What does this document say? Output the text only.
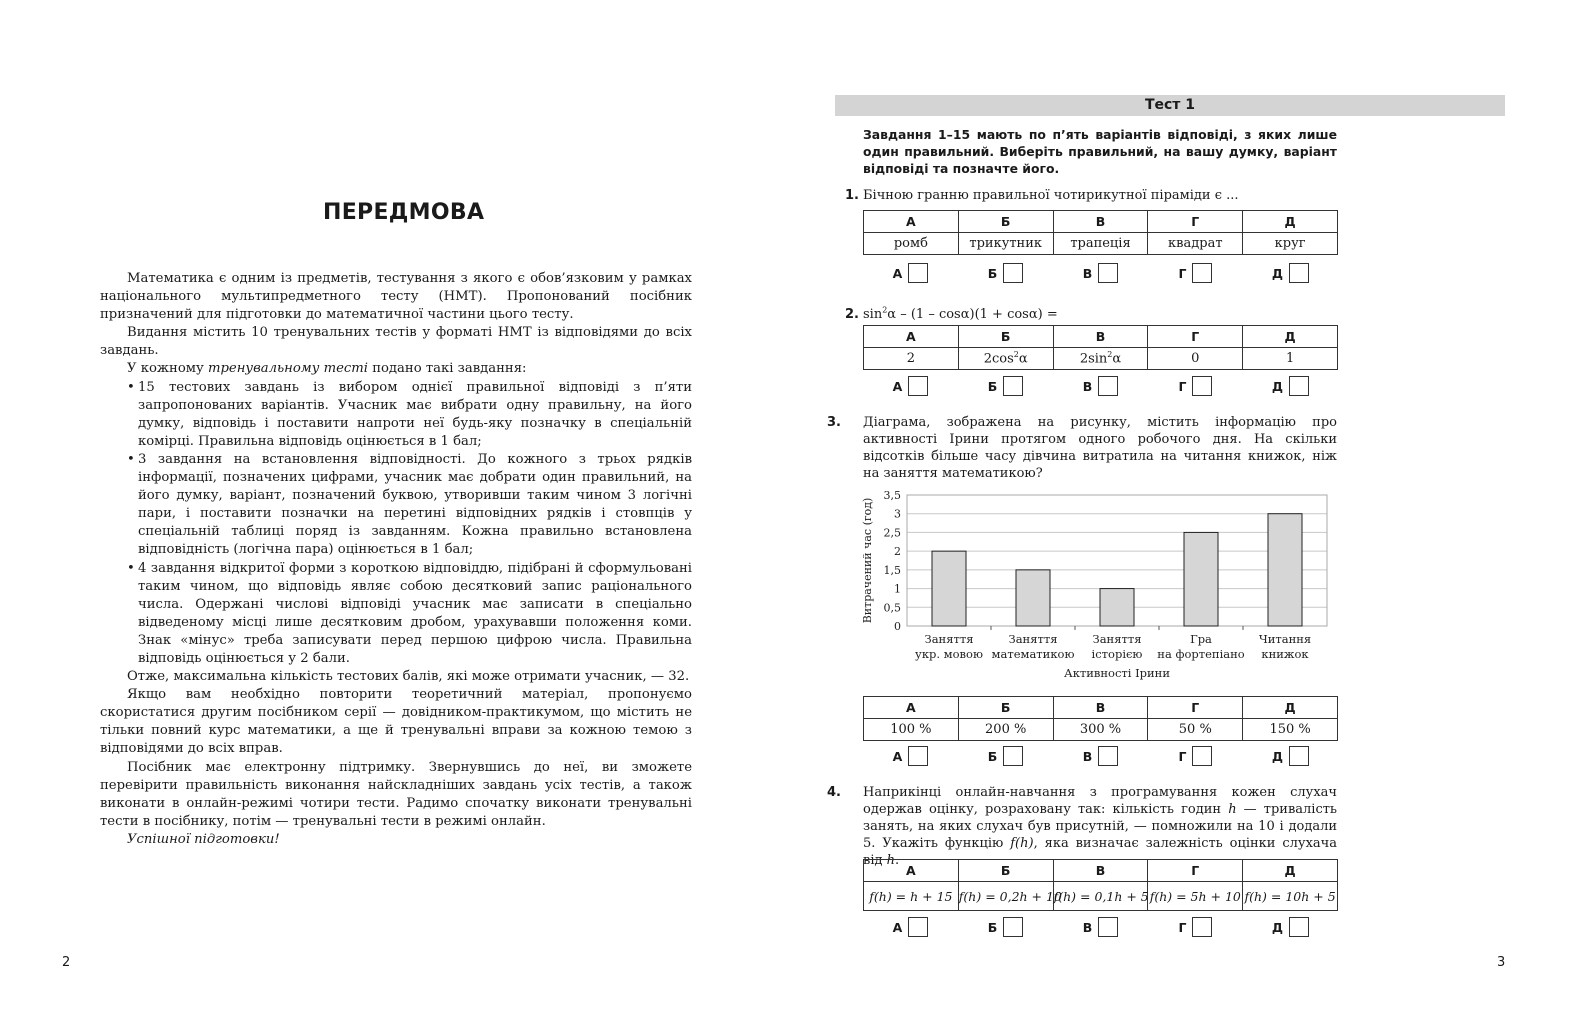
ПЕРЕДМОВА

Математика є одним із предметів, тестування з якого є обов’язковим у рамках національного мультипредметного тесту (НМТ). Пропонований посібник призначений для підготовки до математичної частини цього тесту.

Видання містить 10 тренувальних тестів у форматі НМТ із відповідями до всіх завдань.

У кожному тренувальному тесті подано такі завдання:

• 15 тестових завдань із вибором однієї правильної відповіді з п’яти запропонованих варіантів. Учасник має вибрати одну правильну, на його думку, відповідь і поставити напроти неї будь-яку позначку в спеціальній комірці. Правильна відповідь оцінюється в 1 бал;
• 3 завдання на встановлення відповідності. До кожного з трьох рядків інформації, позначених цифрами, учасник має добрати один правильний, на його думку, варіант, позначений буквою, утворивши таким чином 3 логічні пари, і поставити позначки на перетині відповідних рядків і стовпців у спеціальній таблиці поряд із завданням. Кожна правильно встановлена відповідність (логічна пара) оцінюється в 1 бал;
• 4 завдання відкритої форми з короткою відповіддю, підібрані й сформульовані таким чином, що відповідь являє собою десятковий запис раціонального числа. Одержані числові відповіді учасник має записати в спеціально відведеному місці лише десятковим дробом, урахувавши положення коми. Знак «мінус» треба записувати перед першою цифрою числа. Правильна відповідь оцінюється у 2 бали.

Отже, максимальна кількість тестових балів, які може отримати учасник, — 32.

Якщо вам необхідно повторити теоретичний матеріал, пропонуємо скористатися другим посібником серії — довідником-практикумом, що містить не тільки повний курс математики, а ще й тренувальні вправи за кожною темою з відповідями до всіх вправ.

Посібник має електронну підтримку. Звернувшись до неї, ви зможете перевірити правильність виконання найскладніших завдань усіх тестів, а також виконати в онлайн-режимі чотири тести. Радимо спочатку виконати тренувальні тести в посібнику, потім — тренувальні тести в режимі онлайн.

Успішної підготовки!

2
Тест 1
Завдання 1–15 мають по п’ять варіантів відповіді, з яких лише один правильний. Виберіть правильний, на вашу думку, варіант відповіді та позначте його.
1. Бічною гранню правильної чотирикутної піраміди є ...
А	Б	В	Г	Д
ромб	трикутник	трапеція	квадрат	круг
А	Б	В	Г	Д
2. $\sin^2\alpha - (1 - \cos\alpha)(1 + \cos\alpha)$ =
А	Б	В	Г	Д
2	$2\cos^2\alpha$	$2\sin^2\alpha$	0	1
А	Б	В	Г	Д
3. Діаграма, зображена на рисунку, містить інформацію про активності Ірини протягом одного робочого дня. На скільки відсотків більше часу дівчина витратила на читання книжок, ніж на заняття математикою?
0
0,5
1
1,5
2
2,5
3
3,5
Заняття
укр. мовою
Заняття
математикою
Заняття
історією
Гра
на фортепіано
Читання
книжок
Активності Ірини
Витрачений час (год)
А	Б	В	Г	Д
100 %	200 %	300 %	50 %	150 %
А	Б	В	Г	Д
4. Наприкінці онлайн-навчання з програмування кожен слухач одержав оцінку, розраховану так: кількість годин h — тривалість занять, на яких слухач був присутній, — помножили на 10 і додали 5. Укажіть функцію f(h), яка визначає залежність оцінки слухача від h.
А	Б	В	Г	Д
f(h) = h + 15	f(h) = 0,2h + 10	f(h) = 0,1h + 5	f(h) = 5h + 10	f(h) = 10h + 5
А	Б	В	Г	Д
3
